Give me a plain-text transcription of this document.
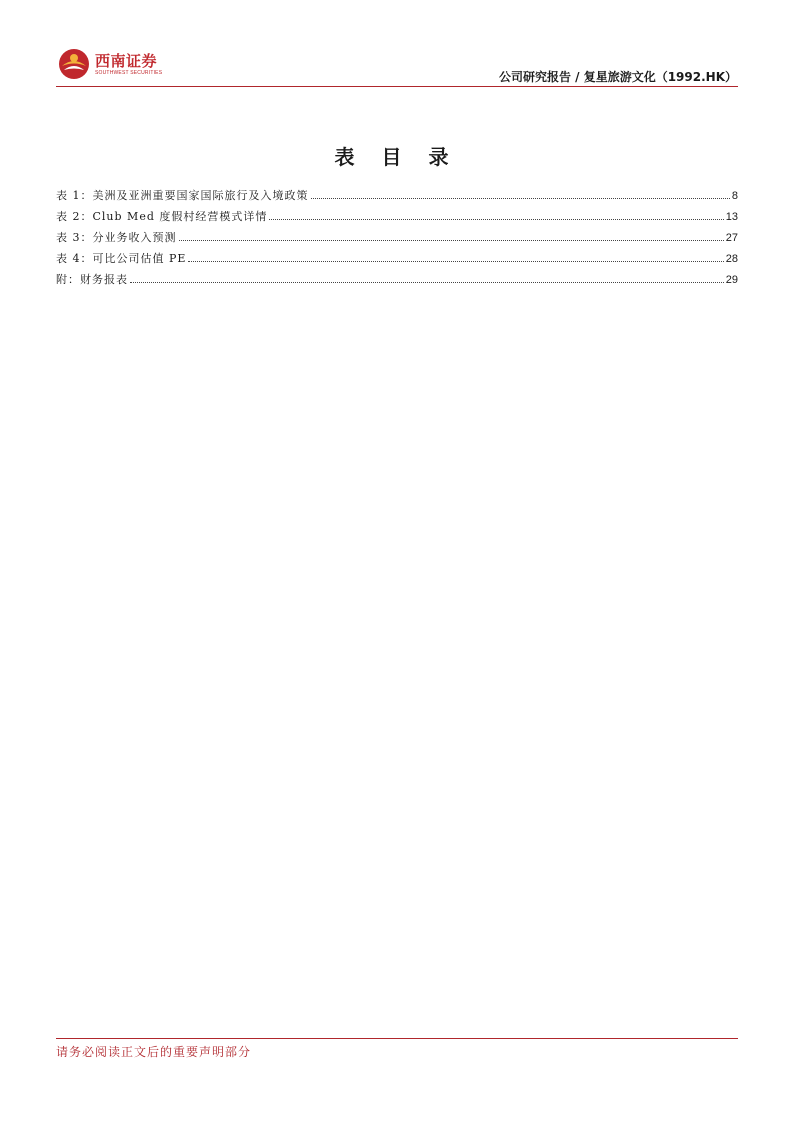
西南证券
SOUTHWEST SECURITIES	公司研究报告 / 复星旅游文化（1992.HK）
表 目 录
表 1：美洲及亚洲重要国家国际旅行及入境政策	8
表 2：Club Med 度假村经营模式详情	13
表 3：分业务收入预测	27
表 4：可比公司估值 PE	28
附：财务报表	29
请务必阅读正文后的重要声明部分
